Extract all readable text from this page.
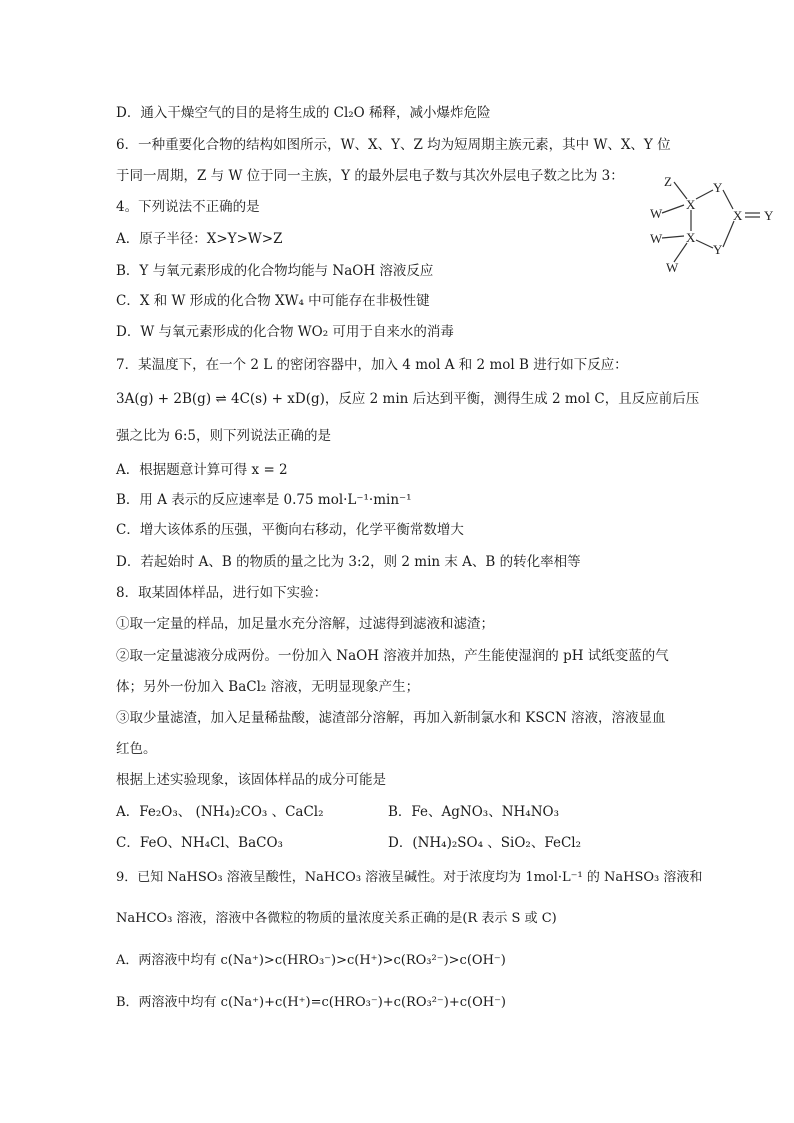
D．通入干燥空气的目的是将生成的 Cl₂O 稀释，减小爆炸危险
6．一种重要化合物的结构如图所示，W、X、Y、Z 均为短周期主族元素，其中 W、X、Y 位
于同一周期，Z 与 W 位于同一主族，Y 的最外层电子数与其次外层电子数之比为 3：
4。下列说法不正确的是
A．原子半径：X>Y>W>Z
B．Y 与氧元素形成的化合物均能与 NaOH 溶液反应
C．X 和 W 形成的化合物 XW₄ 中可能存在非极性键
D．W 与氧元素形成的化合物 WO₂ 可用于自来水的消毒
7．某温度下，在一个 2 L 的密闭容器中，加入 4 mol A 和 2 mol B 进行如下反应：
3A(g) + 2B(g) ⇌ 4C(s) + xD(g)，反应 2 min 后达到平衡，测得生成 2 mol C，且反应前后压
强之比为 6:5，则下列说法正确的是
A．根据题意计算可得 x = 2
B．用 A 表示的反应速率是 0.75 mol·L⁻¹·min⁻¹
C．增大该体系的压强，平衡向右移动，化学平衡常数增大
D．若起始时 A、B 的物质的量之比为 3:2，则 2 min 末 A、B 的转化率相等
8．取某固体样品，进行如下实验：
①取一定量的样品，加足量水充分溶解，过滤得到滤液和滤渣；
②取一定量滤液分成两份。一份加入 NaOH 溶液并加热，产生能使湿润的 pH 试纸变蓝的气
体；另外一份加入 BaCl₂ 溶液，无明显现象产生；
③取少量滤渣，加入足量稀盐酸，滤渣部分溶解，再加入新制氯水和 KSCN 溶液，溶液显血
红色。
根据上述实验现象，该固体样品的成分可能是
A．Fe₂O₃、 (NH₄)₂CO₃ 、CaCl₂	B．Fe、AgNO₃、NH₄NO₃
C．FeO、NH₄Cl、BaCO₃	D．(NH₄)₂SO₄ 、SiO₂、FeCl₂
9．已知 NaHSO₃ 溶液呈酸性，NaHCO₃ 溶液呈碱性。对于浓度均为 1mol·L⁻¹ 的 NaHSO₃ 溶液和
NaHCO₃ 溶液，溶液中各微粒的物质的量浓度关系正确的是(R 表示 S 或 C)
A．两溶液中均有 c(Na⁺)>c(HRO₃⁻)>c(H⁺)>c(RO₃²⁻)>c(OH⁻)
B．两溶液中均有 c(Na⁺)+c(H⁺)=c(HRO₃⁻)+c(RO₃²⁻)+c(OH⁻)
Z
W
W
W
X
X
X
Y
Y
Y
